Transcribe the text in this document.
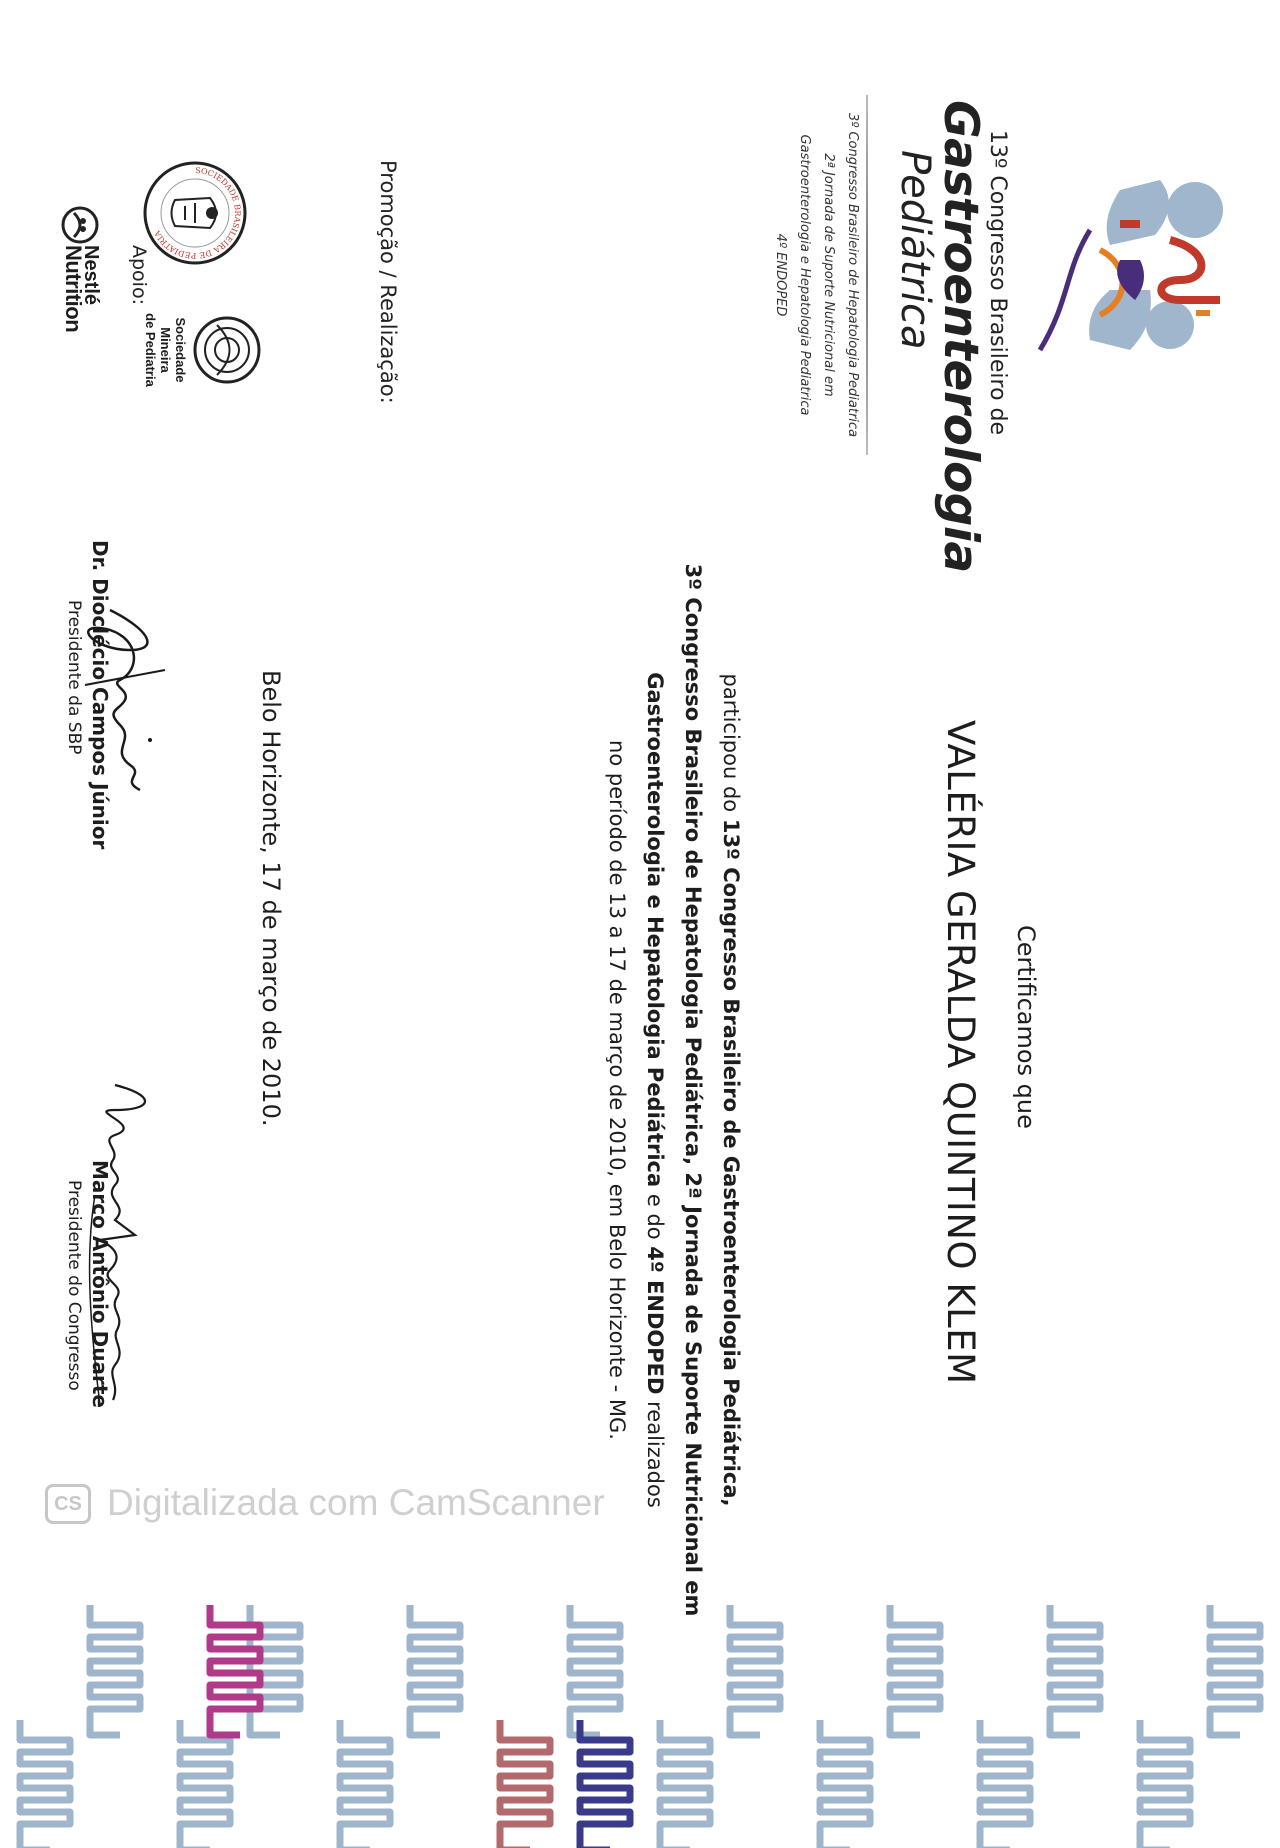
13º Congresso Brasileiro de
Gastroenterologia
Pediátrica
3º Congresso Brasileiro de Hepatologia Pediatrica
2ª Jornada de Suporte Nutricional em
Gastroenterologia e Hepatologia Pediatrica
4º ENDOPED
Promoção / Realização:
SOCIEDADE BRASILEIRA DE PEDIATRIA
Sociedade Mineira
de Pediatria
Apoio:
Nestlé
Nutrition
Certificamos que
VALÉRIA GERALDA QUINTINO KLEM
participou do 13º Congresso Brasileiro de Gastroenterologia Pediátrica,
3º Congresso Brasileiro de Hepatologia Pediátrica, 2ª Jornada de Suporte Nutricional em
Gastroenterologia e Hepatologia Pediátrica e do 4º ENDOPED realizados
no período de 13 a 17 de março de 2010, em Belo Horizonte - MG.
Belo Horizonte, 17 de março de 2010.
Dr. Dioclécio Campos Júnior
Presidente da SBP
Marco Antônio Duarte
Presidente do Congresso
CS Digitalizada com CamScanner
